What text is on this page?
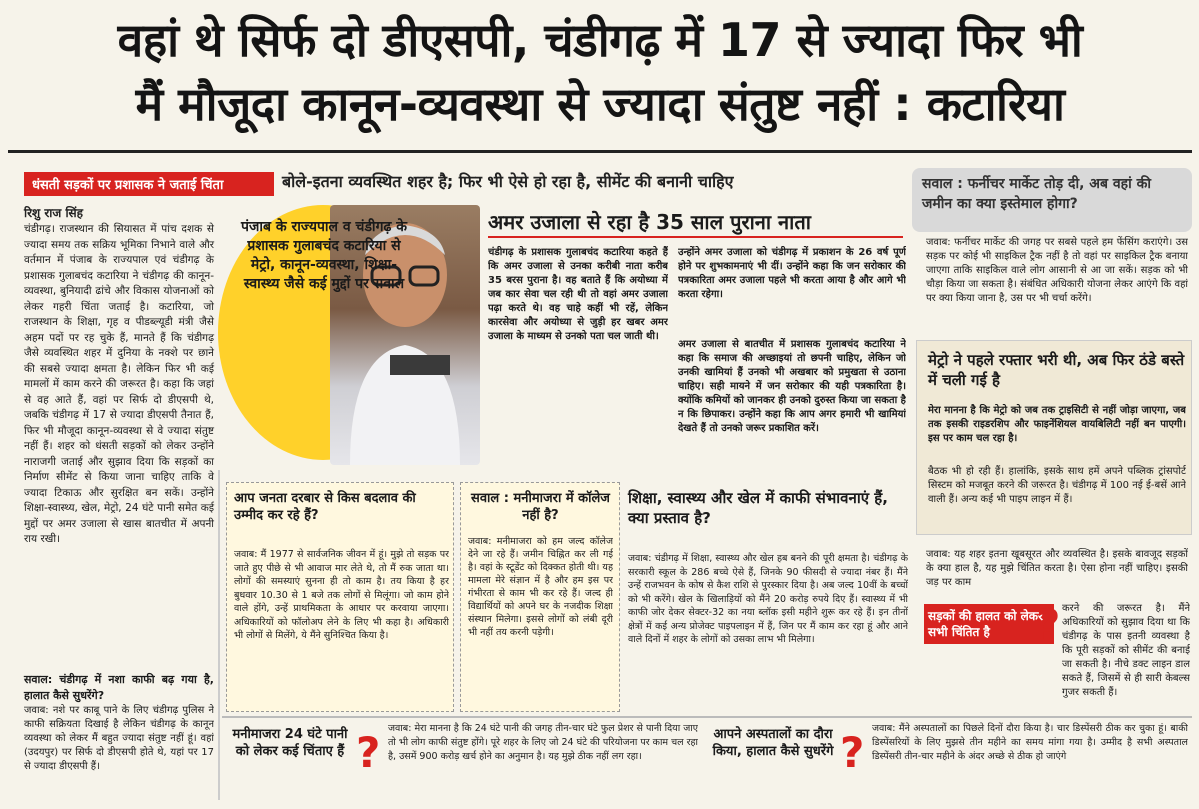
वहां थे सिर्फ दो डीएसपी, चंडीगढ़ में 17 से ज्यादा फिर भी
मैं मौजूदा कानून-व्यवस्था से ज्यादा संतुष्ट नहीं : कटारिया
धंसती सड़कों पर प्रशासक ने जताई चिंता	बोले-इतना व्यवस्थित शहर है; फिर भी ऐसे हो रहा है, सीमेंट की बनानी चाहिए
रिशु राज सिंह
चंडीगढ़। राजस्थान की सियासत में पांच दशक से ज्यादा समय तक सक्रिय भूमिका निभाने वाले और वर्तमान में पंजाब के राज्यपाल एवं चंडीगढ़ के प्रशासक गुलाबचंद कटारिया ने चंडीगढ़ की कानून-व्यवस्था, बुनियादी ढांचे और विकास योजनाओं को लेकर गहरी चिंता जताई है। कटारिया, जो राजस्थान के शिक्षा, गृह व पीडब्ल्यूडी मंत्री जैसे अहम पदों पर रह चुके हैं, मानते हैं कि चंडीगढ़ जैसे व्यवस्थित शहर में दुनिया के नक्शे पर छाने की सबसे ज्यादा क्षमता है। लेकिन फिर भी कई मामलों में काम करने की जरूरत है। कहा कि जहां से वह आते हैं, वहां पर सिर्फ दो डीएसपी थे, जबकि चंडीगढ़ में 17 से ज्यादा डीएसपी तैनात हैं, फिर भी मौजूदा कानून-व्यवस्था से वे ज्यादा संतुष्ट नहीं हैं। शहर को धंसती सड़कों को लेकर उन्होंने नाराजगी जताई और सुझाव दिया कि सड़कों का निर्माण सीमेंट से किया जाना चाहिए ताकि वे ज्यादा टिकाऊ और सुरक्षित बन सकें। उन्होंने शिक्षा-स्वास्थ्य, खेल, मेट्रो, 24 घंटे पानी समेत कई मुद्दों पर अमर उजाला से खास बातचीत में अपनी राय रखी।
सवाल: चंडीगढ़ में नशा काफी बढ़ गया है, हालात कैसे सुधरेंगे?
जवाब: नशे पर काबू पाने के लिए चंडीगढ़ पुलिस ने काफी सक्रियता दिखाई है लेकिन चंडीगढ़ के कानून व्यवस्था को लेकर मैं बहुत ज्यादा संतुष्ट नहीं हूं। वहां (उदयपुर) पर सिर्फ दो डीएसपी होते थे, यहां पर 17 से ज्यादा डीएसपी हैं।
पंजाब के राज्यपाल व चंडीगढ़ के प्रशासक गुलाबचंद कटारिया से मेट्रो, कानून-व्यवस्था, शिक्षा-स्वास्थ्य जैसे कई मुद्दों पर सवाल
अमर उजाला से रहा है 35 साल पुराना नाता
चंडीगढ़ के प्रशासक गुलाबचंद कटारिया कहते हैं कि अमर उजाला से उनका करीबी नाता करीब 35 बरस पुराना है। वह बताते हैं कि अयोध्या में जब कार सेवा चल रही थी तो वहां अमर उजाला पढ़ा करते थे। वह चाहे कहीं भी रहें, लेकिन कारसेवा और अयोध्या से जुड़ी हर खबर अमर उजाला के माध्यम से उनको पता चल जाती थी।
उन्होंने अमर उजाला को चंडीगढ़ में प्रकाशन के 26 वर्ष पूर्ण होने पर शुभकामनाएं भी दीं। उन्होंने कहा कि जन सरोकार की पत्रकारिता अमर उजाला पहले भी करता आया है और आगे भी करता रहेगा।
अमर उजाला से बातचीत में प्रशासक गुलाबचंद कटारिया ने कहा कि समाज की अच्छाइयां तो छपनी चाहिए, लेकिन जो उनकी खामियां हैं उनको भी अखबार को प्रमुखता से उठाना चाहिए। सही मायने में जन सरोकार की यही पत्रकारिता है। क्योंकि कमियों को जानकर ही उनको दुरुस्त किया जा सकता है न कि छिपाकर। उन्होंने कहा कि आप अगर हमारी भी खामियां देखते हैं तो उनको जरूर प्रकाशित करें।
सवाल : फर्नीचर मार्केट तोड़ दी, अब वहां की जमीन का क्या इस्तेमाल होगा?
जवाब: फर्नीचर मार्केट की जगह पर सबसे पहले हम फेंसिंग कराएंगे। उस सड़क पर कोई भी साइकिल ट्रैक नहीं है तो वहां पर साइकिल ट्रैक बनाया जाएगा ताकि साइकिल वाले लोग आसानी से आ जा सकें। सड़क को भी चौड़ा किया जा सकता है। संबंधित अधिकारी योजना लेकर आएंगे कि वहां पर क्या किया जाना है, उस पर भी चर्चा करेंगे।
मेट्रो ने पहले रफ्तार भरी थी, अब फिर ठंडे बस्ते में चली गई है
मेरा मानना है कि मेट्रो को जब तक ट्राइसिटी से नहीं जोड़ा जाएगा, जब तक इसकी राइडरशिप और फाइनेंशियल वायबिलिटी नहीं बन पाएगी। इस पर काम चल रहा है।
बैठक भी हो रही हैं। हालांकि, इसके साथ हमें अपने पब्लिक ट्रांसपोर्ट सिस्टम को मजबूत करने की जरूरत है। चंडीगढ़ में 100 नई ई-बसें आने वाली हैं। अन्य कई भी पाइप लाइन में हैं।
जवाब: यह शहर इतना खूबसूरत और व्यवस्थित है। इसके बावजूद सड़कों के क्या हाल है, यह मुझे चिंतित करता है। ऐसा होना नहीं चाहिए। इसकी जड़ पर काम
सड़कों की हालत को लेकर सभी चिंतित है	? करने की जरूरत है। मैंने अधिकारियों को सुझाव दिया था कि चंडीगढ़ के पास इतनी व्यवस्था है कि पूरी सड़कों को सीमेंट की बनाई जा सकती है। नीचे डक्ट लाइन डाल सकते हैं, जिसमें से ही सारी केबल्स गुजर सकती हैं।
आप जनता दरबार से किस बदलाव की उम्मीद कर रहे हैं?
जवाब: मैं 1977 से सार्वजनिक जीवन में हूं। मुझे तो सड़क पर जाते हुए पीछे से भी आवाज मार लेते थे, तो मैं रुक जाता था। लोगों की समस्याएं सुनना ही तो काम है। तय किया है हर बुधवार 10.30 से 1 बजे तक लोगों से मिलूंगा। जो काम होने वाले होंगे, उन्हें प्राथमिकता के आधार पर करवाया जाएगा। अधिकारियों को फॉलोअप लेने के लिए भी कहा है। अधिकारी भी लोगों से मिलेंगे, ये मैंने सुनिश्चित किया है।
सवाल : मनीमाजरा में कॉलेज नहीं है?
जवाब: मनीमाजरा को हम जल्द कॉलेज देने जा रहे हैं। जमीन चिह्नित कर ली गई है। वहां के स्टूडेंट को दिक्कत होती थी। यह मामला मेरे संज्ञान में है और हम इस पर गंभीरता से काम भी कर रहे हैं। जल्द ही विद्यार्थियों को अपने घर के नजदीक शिक्षा संस्थान मिलेगा। इससे लोगों को लंबी दूरी भी नहीं तय करनी पड़ेगी।
शिक्षा, स्वास्थ्य और खेल में काफी संभावनाएं हैं, क्या प्रस्ताव है?
जवाब: चंडीगढ़ में शिक्षा, स्वास्थ्य और खेल हब बनने की पूरी क्षमता है। चंडीगढ़ के सरकारी स्कूल के 286 बच्चे ऐसे हैं, जिनके 90 फीसदी से ज्यादा नंबर हैं। मैंने उन्हें राजभवन के कोष से कैश राशि से पुरस्कार दिया है। अब जल्द 10वीं के बच्चों को भी करेंगे। खेल के खिलाड़ियों को मैंने 20 करोड़ रुपये दिए हैं। स्वास्थ्य में भी काफी जोर देकर सेक्टर-32 का नया ब्लॉक इसी महीने शुरू कर रहे हैं। इन तीनों क्षेत्रों में कई अन्य प्रोजेक्ट पाइपलाइन में हैं, जिन पर मैं काम कर रहा हूं और आने वाले दिनों में शहर के लोगों को उसका लाभ भी मिलेगा।
मनीमाजरा 24 घंटे पानी को लेकर कई चिंताए हैं ? जवाब: मेरा मानना है कि 24 घंटे पानी की जगह तीन-चार घंटे फुल प्रेशर से पानी दिया जाए तो भी लोग काफी संतुष्ट होंगे। पूरे शहर के लिए जो 24 घंटे की परियोजना पर काम चल रहा है, उसमें 900 करोड़ खर्च होने का अनुमान है। यह मुझे ठीक नहीं लग रहा।
आपने अस्पतालों का दौरा किया, हालात कैसे सुधरेंगे ? जवाब: मैंने अस्पतालों का पिछले दिनों दौरा किया है। चार डिस्पेंसरी ठीक कर चुका हूं। बाकी डिस्पेंसरियों के लिए मुझसे तीन महीने का समय मांगा गया है। उम्मीद है सभी अस्पताल डिस्पेंसरी तीन-चार महीने के अंदर अच्छे से ठीक हो जाएंगे
